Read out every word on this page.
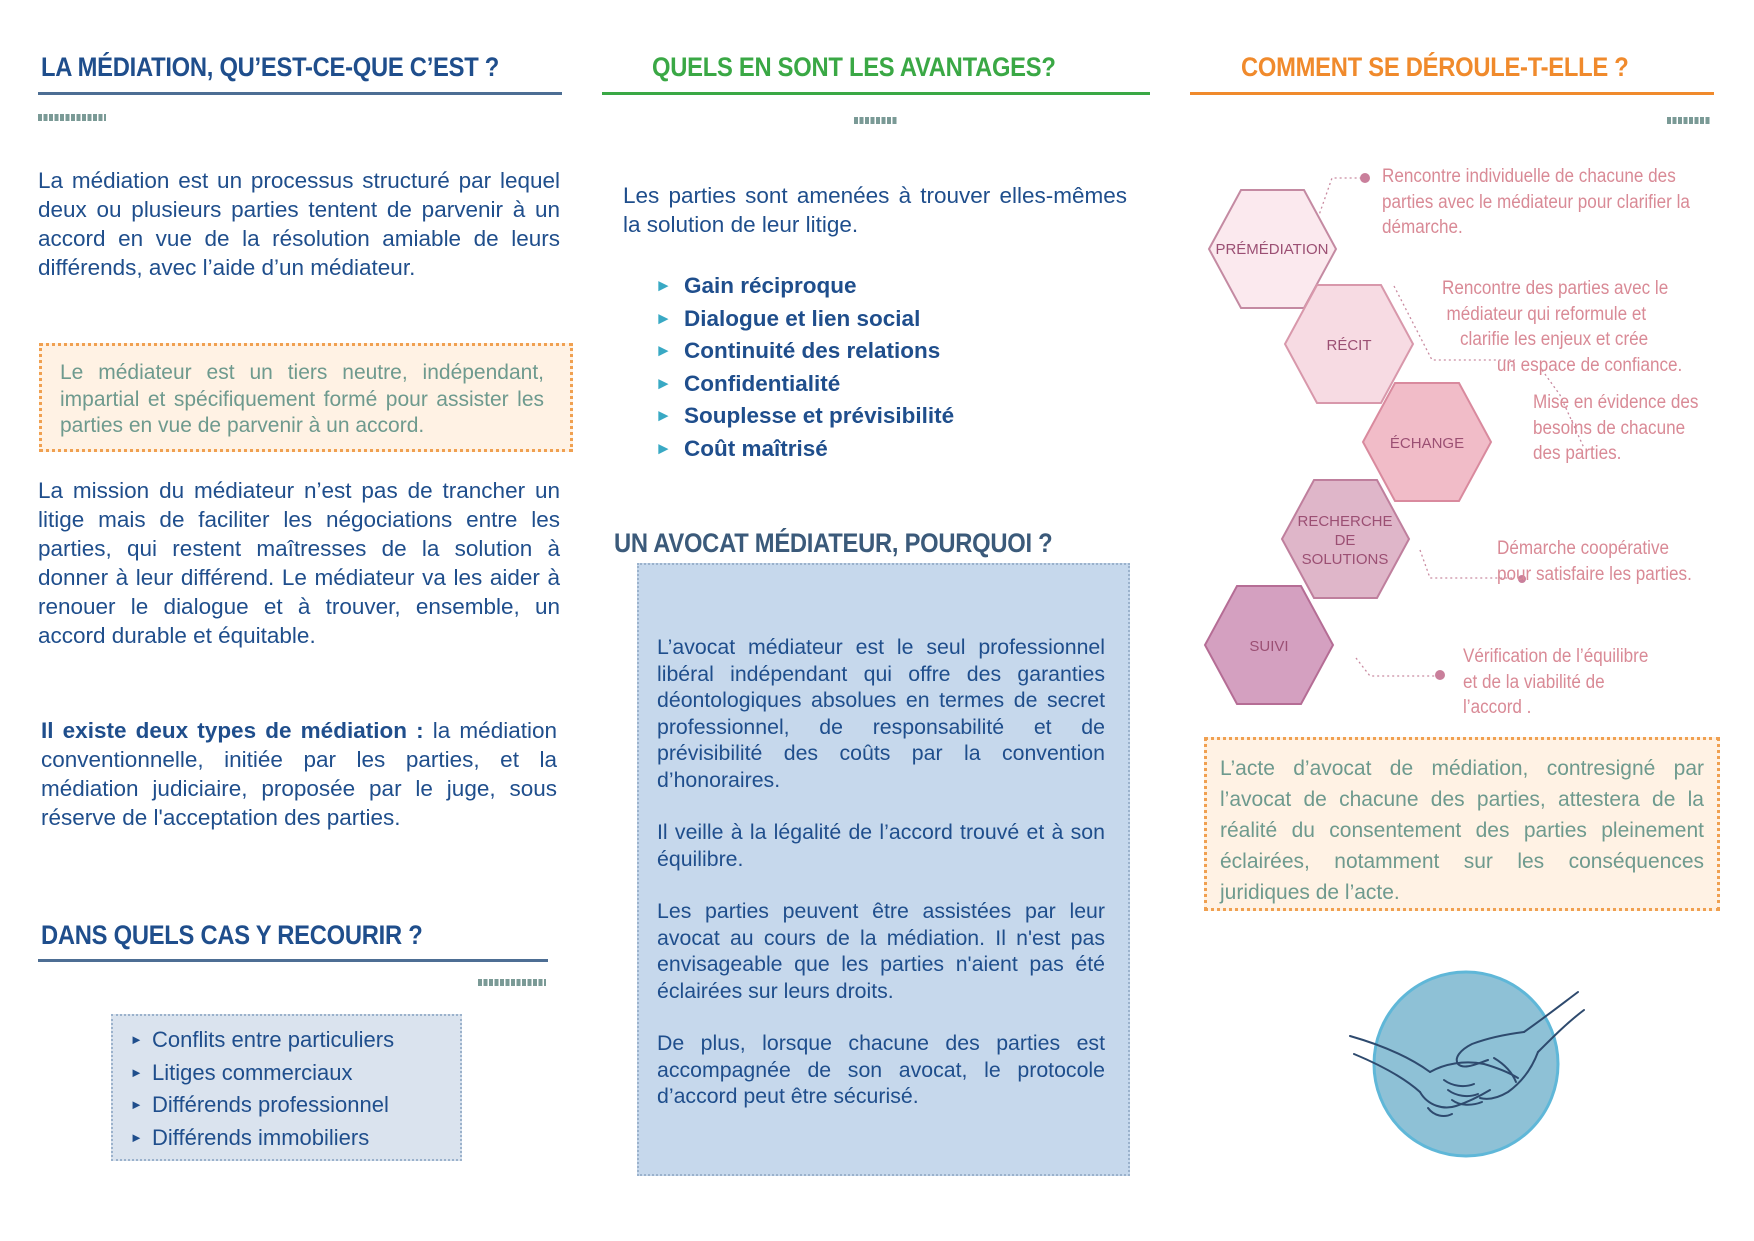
LA MÉDIATION, QU’EST-CE-QUE C’EST ?
La médiation est un processus structuré par lequel deux ou plusieurs parties tentent de parvenir à un accord en vue de la résolution amiable de leurs différends, avec l’aide d’un médiateur.
Le médiateur est un tiers neutre, indépendant, impartial et spécifiquement formé pour assister les parties en vue de parvenir à un accord.
La mission du médiateur n’est pas de trancher un litige mais de faciliter les négociations entre les parties, qui restent maîtresses de la solution à donner à leur différend. Le médiateur va les aider à renouer le dialogue et à trouver, ensemble, un accord durable et équitable.
Il existe deux types de médiation : la médiation conventionnelle, initiée par les parties, et la médiation judiciaire, proposée par le juge, sous réserve de l'acceptation des parties.
DANS QUELS CAS Y RECOURIR ?
► Conflits entre particuliers
► Litiges commerciaux
► Différends professionnel
► Différends immobiliers
QUELS EN SONT LES AVANTAGES?
Les parties sont amenées à trouver elles-mêmes la solution de leur litige.
► Gain réciproque
► Dialogue et lien social
► Continuité des relations
► Confidentialité
► Souplesse et prévisibilité
► Coût maîtrisé
UN AVOCAT MÉDIATEUR, POURQUOI ?
L’avocat médiateur est le seul professionnel libéral indépendant qui offre des garanties déontologiques absolues en termes de secret professionnel, de responsabilité et de prévisibilité des coûts par la convention d’honoraires.
Il veille à la légalité de l’accord trouvé et à son équilibre.
Les parties peuvent être assistées par leur avocat au cours de la médiation. Il n'est pas envisageable que les parties n'aient pas été éclairées sur leurs droits.
De plus, lorsque chacune des parties est accompagnée de son avocat, le protocole d’accord peut être sécurisé.
COMMENT SE DÉROULE-T-ELLE ?
PRÉMÉDIATION
RÉCIT
ÉCHANGE
RECHERCHE
DE
SOLUTIONS
SUIVI
Rencontre individuelle de chacune des
parties avec le médiateur pour clarifier la
démarche.
Rencontre des parties avec le
médiateur qui reformule et
clarifie les enjeux et crée
un espace de confiance.
Mise en évidence des
besoins de chacune
des parties.
Démarche coopérative
pour satisfaire les parties.
Vérification de l’équilibre
et de la viabilité de
l’accord .
L’acte d’avocat de médiation, contresigné par l’avocat de chacune des parties, attestera de la réalité du consentement des parties pleinement éclairées, notamment sur les conséquences juridiques de l’acte.
